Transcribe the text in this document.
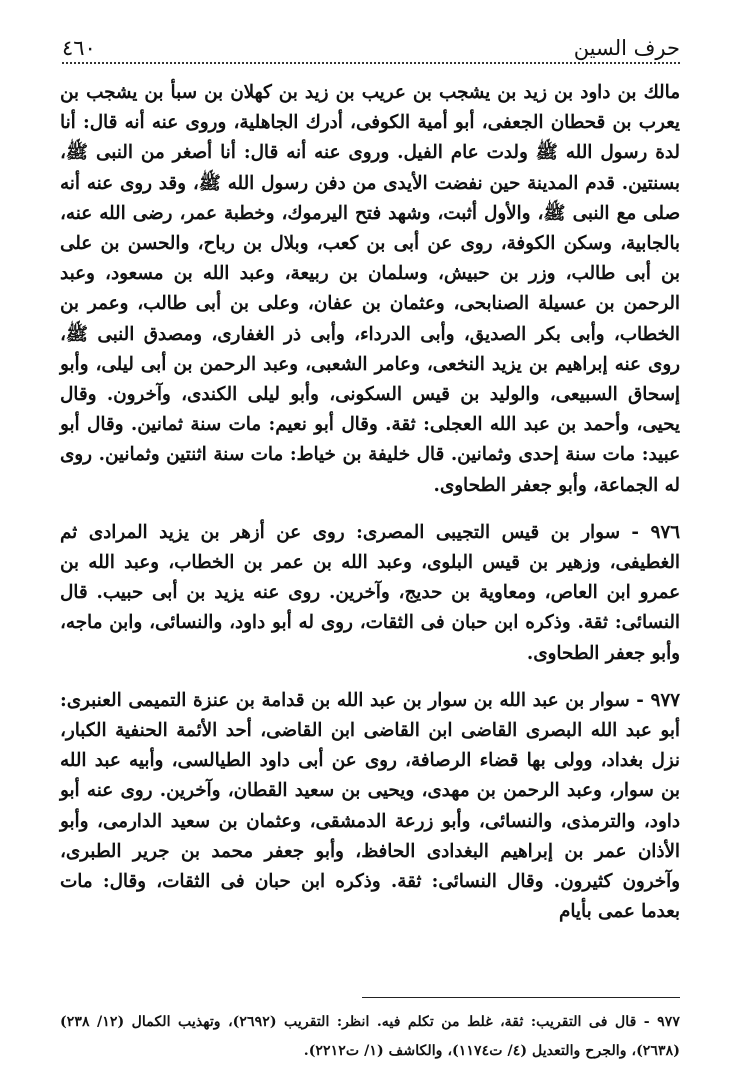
حرف السين
٤٦٠

مالك بن داود بن زيد بن يشجب بن عريب بن زيد بن كهلان بن سبأ بن يشجب بن يعرب بن قحطان الجعفى، أبو أمية الكوفى، أدرك الجاهلية، وروى عنه أنه قال: أنا لدة رسول الله ﷺ ولدت عام الفيل. وروى عنه أنه قال: أنا أصغر من النبى ﷺ، بسنتين. قدم المدينة حين نفضت الأيدى من دفن رسول الله ﷺ، وقد روى عنه أنه صلى مع النبى ﷺ، والأول أثبت، وشهد فتح اليرموك، وخطبة عمر، رضى الله عنه، بالجابية، وسكن الكوفة، روى عن أبى بن كعب، وبلال بن رباح، والحسن بن على بن أبى طالب، وزر بن حبيش، وسلمان بن ربيعة، وعبد الله بن مسعود، وعبد الرحمن بن عسيلة الصنابحى، وعثمان بن عفان، وعلى بن أبى طالب، وعمر بن الخطاب، وأبى بكر الصديق، وأبى الدرداء، وأبى ذر الغفارى، ومصدق النبى ﷺ، روى عنه إبراهيم بن يزيد النخعى، وعامر الشعبى، وعبد الرحمن بن أبى ليلى، وأبو إسحاق السبيعى، والوليد بن قيس السكونى، وأبو ليلى الكندى، وآخرون. وقال يحيى، وأحمد بن عبد الله العجلى: ثقة. وقال أبو نعيم: مات سنة ثمانين. وقال أبو عبيد: مات سنة إحدى وثمانين. قال خليفة بن خياط: مات سنة اثنتين وثمانين. روى له الجماعة، وأبو جعفر الطحاوى.

٩٧٦ - سوار بن قيس التجيبى المصرى: روى عن أزهر بن يزيد المرادى ثم الغطيفى، وزهير بن قيس البلوى، وعبد الله بن عمر بن الخطاب، وعبد الله بن عمرو ابن العاص، ومعاوية بن حديج، وآخرين. روى عنه يزيد بن أبى حبيب. قال النسائى: ثقة. وذكره ابن حبان فى الثقات، روى له أبو داود، والنسائى، وابن ماجه، وأبو جعفر الطحاوى.

٩٧٧ - سوار بن عبد الله بن سوار بن عبد الله بن قدامة بن عنزة التميمى العنبرى: أبو عبد الله البصرى القاضى ابن القاضى ابن القاضى، أحد الأئمة الحنفية الكبار، نزل بغداد، وولى بها قضاء الرصافة، روى عن أبى داود الطيالسى، وأبيه عبد الله بن سوار، وعبد الرحمن بن مهدى، ويحيى بن سعيد القطان، وآخرين. روى عنه أبو داود، والترمذى، والنسائى، وأبو زرعة الدمشقى، وعثمان بن سعيد الدارمى، وأبو الأذان عمر بن إبراهيم البغدادى الحافظ، وأبو جعفر محمد بن جرير الطبرى، وآخرون كثيرون. وقال النسائى: ثقة. وذكره ابن حبان فى الثقات، وقال: مات بعدما عمى بأيام

٩٧٧ - قال فى التقريب: ثقة، غلط من تكلم فيه. انظر: التقريب (٢٦٩٢)، وتهذيب الكمال (١٢/ ٢٣٨) (٢٦٣٨)، والجرح والتعديل (٤/ ت١١٧٤)، والكاشف (١/ ت٢٢١٢).
